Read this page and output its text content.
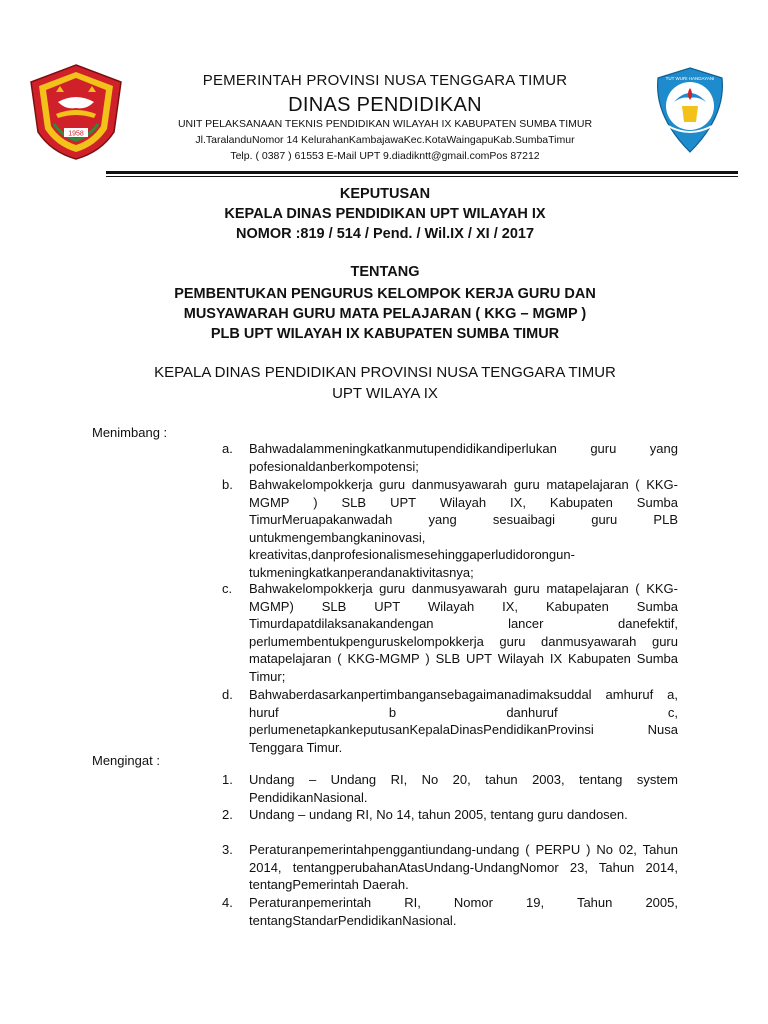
1958
PEMERINTAH PROVINSI NUSA TENGGARA TIMUR
DINAS PENDIDIKAN
UNIT PELAKSANAAN TEKNIS PENDIDIKAN WILAYAH IX KABUPATEN SUMBA TIMUR
Jl.TaralanduNomor 14 KelurahanKambajawaKec.KotaWaingapuKab.SumbaTimur
Telp. ( 0387 ) 61553 E-Mail UPT 9.diadikntt@gmail.comPos 87212
TUT WURI HANDAYANI
KEPUTUSAN
KEPALA DINAS PENDIDIKAN UPT WILAYAH IX
NOMOR :819 / 514 / Pend. / Wil.IX / XI / 2017
TENTANG
PEMBENTUKAN PENGURUS KELOMPOK KERJA GURU DAN
MUSYAWARAH GURU MATA PELAJARAN ( KKG – MGMP )
PLB UPT WILAYAH IX KABUPATEN SUMBA TIMUR
KEPALA DINAS PENDIDIKAN PROVINSI NUSA TENGGARA TIMUR
UPT WILAYA IX
Menimbang :
a.	Bahwadalammeningkatkanmutupendidikandiperlukan guru yang pofesionaldanberkompotensi;
b.	Bahwakelompokkerja guru danmusyawarah guru matapelajaran ( KKG-MGMP ) SLB UPT Wilayah IX, Kabupaten Sumba TimurMeruapakanwadah yang sesuaibagi guru PLB untukmengembangkaninovasi, kreativitas,danprofesionalismesehinggaperludidoronguntukmeningkatkanperandanaktivitasnya;
c.	Bahwakelompokkerja guru danmusyawarah guru matapelajaran ( KKG-MGMP) SLB UPT Wilayah IX, Kabupaten Sumba Timurdapatdilaksanakandengan lancer danefektif, perlumembentukpenguruskelompokkerja guru danmusyawarah guru matapelajaran ( KKG-MGMP ) SLB UPT Wilayah IX Kabupaten Sumba Timur;
d.	Bahwaberdasarkanpertimbangansebagaimanadimaksuddal amhuruf a, huruf b danhuruf c, perlumenetapkankeputusanKepalaDinasPendidikanProvinsi Nusa Tenggara Timur.
Mengingat :
1.	Undang – Undang RI, No 20, tahun 2003, tentang system PendidikanNasional.
2.	Undang – undang RI, No 14, tahun 2005, tentang guru dandosen.
3.	Peraturanpemerintahpenggantiundang-undang ( PERPU ) No 02, Tahun 2014, tentangperubahanAtasUndang-UndangNomor 23, Tahun 2014, tentangPemerintah Daerah.
4.	Peraturanpemerintah RI, Nomor 19, Tahun 2005, tentangStandarPendidikanNasional.
